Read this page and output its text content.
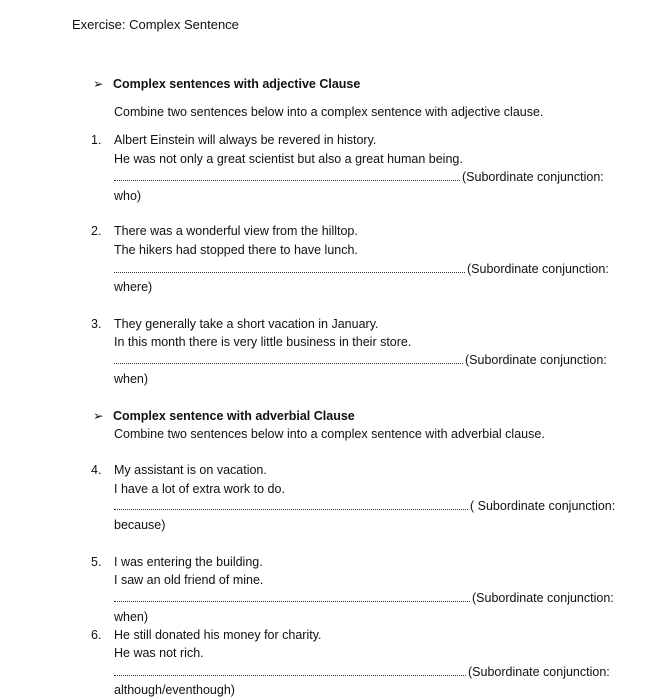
Exercise: Complex Sentence
➢ Complex sentences with adjective Clause
Combine two sentences below into a complex sentence with adjective clause.
1. Albert Einstein will always be revered in history.
He was not only a great scientist but also a great human being.
(Subordinate conjunction:
who)
2. There was a wonderful view from the hilltop.
The hikers had stopped there to have lunch.
(Subordinate conjunction:
where)
3. They generally take a short vacation in January.
In this month there is very little business in their store.
(Subordinate conjunction:
when)
➢ Complex sentence with adverbial Clause
Combine two sentences below into a complex sentence with adverbial clause.
4. My assistant is on vacation.
I have a lot of extra work to do.
( Subordinate conjunction:
because)
5. I was entering the building.
I saw an old friend of mine.
(Subordinate conjunction:
when)
6. He still donated his money for charity.
He was not rich.
(Subordinate conjunction:
although/eventhough)
